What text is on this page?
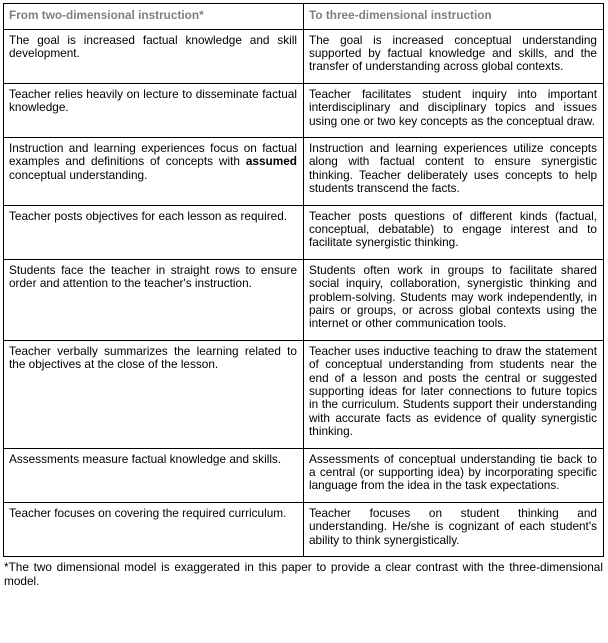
From two-dimensional instruction*	To three-dimensional instruction
The goal is increased factual knowledge and skill development.	The goal is increased conceptual understanding supported by factual knowledge and skills, and the transfer of understanding across global contexts.
Teacher relies heavily on lecture to disseminate factual knowledge.	Teacher facilitates student inquiry into important interdisciplinary and disciplinary topics and issues using one or two key concepts as the conceptual draw.
Instruction and learning experiences focus on factual examples and definitions of concepts with assumed conceptual understanding.	Instruction and learning experiences utilize concepts along with factual content to ensure synergistic thinking. Teacher deliberately uses concepts to help students transcend the facts.
Teacher posts objectives for each lesson as required.	Teacher posts questions of different kinds (factual, conceptual, debatable) to engage interest and to facilitate synergistic thinking.
Students face the teacher in straight rows to ensure order and attention to the teacher's instruction.	Students often work in groups to facilitate shared social inquiry, collaboration, synergistic thinking and problem-solving. Students may work independently, in pairs or groups, or across global contexts using the internet or other communication tools.
Teacher verbally summarizes the learning related to the objectives at the close of the lesson.	Teacher uses inductive teaching to draw the statement of conceptual understanding from students near the end of a lesson and posts the central or suggested supporting ideas for later connections to future topics in the curriculum. Students support their understanding with accurate facts as evidence of quality synergistic thinking.
Assessments measure factual knowledge and skills.	Assessments of conceptual understanding tie back to a central (or supporting idea) by incorporating specific language from the idea in the task expectations.
Teacher focuses on covering the required curriculum.	Teacher focuses on student thinking and understanding. He/she is cognizant of each student's ability to think synergistically.
*The two dimensional model is exaggerated in this paper to provide a clear contrast with the three-dimensional model.
